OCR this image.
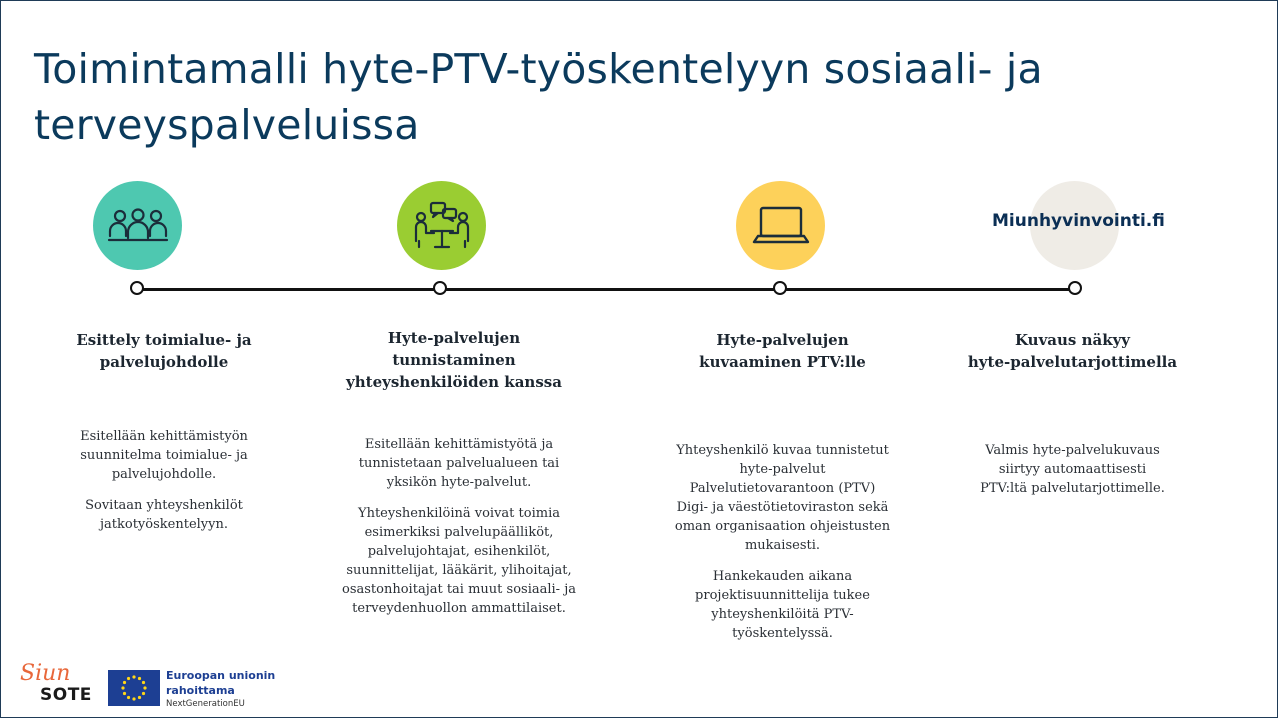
Toimintamalli hyte-PTV-työskentelyyn sosiaali- ja
terveyspalveluissa
Miunhyvinvointi.fi
Esittely toimialue- ja
palvelujohdolle

Esitellään kehittämistyön
suunnitelma toimialue- ja
palvelujohdolle.

Sovitaan yhteyshenkilöt
jatkotyöskentelyyn.

Hyte-palvelujen
tunnistaminen
yhteyshenkilöiden kanssa

Esitellään kehittämistyötä ja
tunnistetaan palvelualueen tai
yksikön hyte-palvelut.

Yhteyshenkilöinä voivat toimia
esimerkiksi palvelupäälliköt,
palvelujohtajat, esihenkilöt,
suunnittelijat, lääkärit, ylihoitajat,
osastonhoitajat tai muut sosiaali- ja
terveydenhuollon ammattilaiset.

Hyte-palvelujen
kuvaaminen PTV:lle

Yhteyshenkilö kuvaa tunnistetut
hyte-palvelut
Palvelutietovarantoon (PTV)
Digi- ja väestötietoviraston sekä
oman organisaation ohjeistusten
mukaisesti.

Hankekauden aikana
projektisuunnittelija tukee
yhteyshenkilöitä PTV-
työskentelyssä.

Kuvaus näkyy
hyte-palvelutarjottimella

Valmis hyte-palvelukuvaus
siirtyy automaattisesti
PTV:ltä palvelutarjottimelle.

Siun
SOTE
Euroopan unionin
rahoittama
NextGenerationEU
